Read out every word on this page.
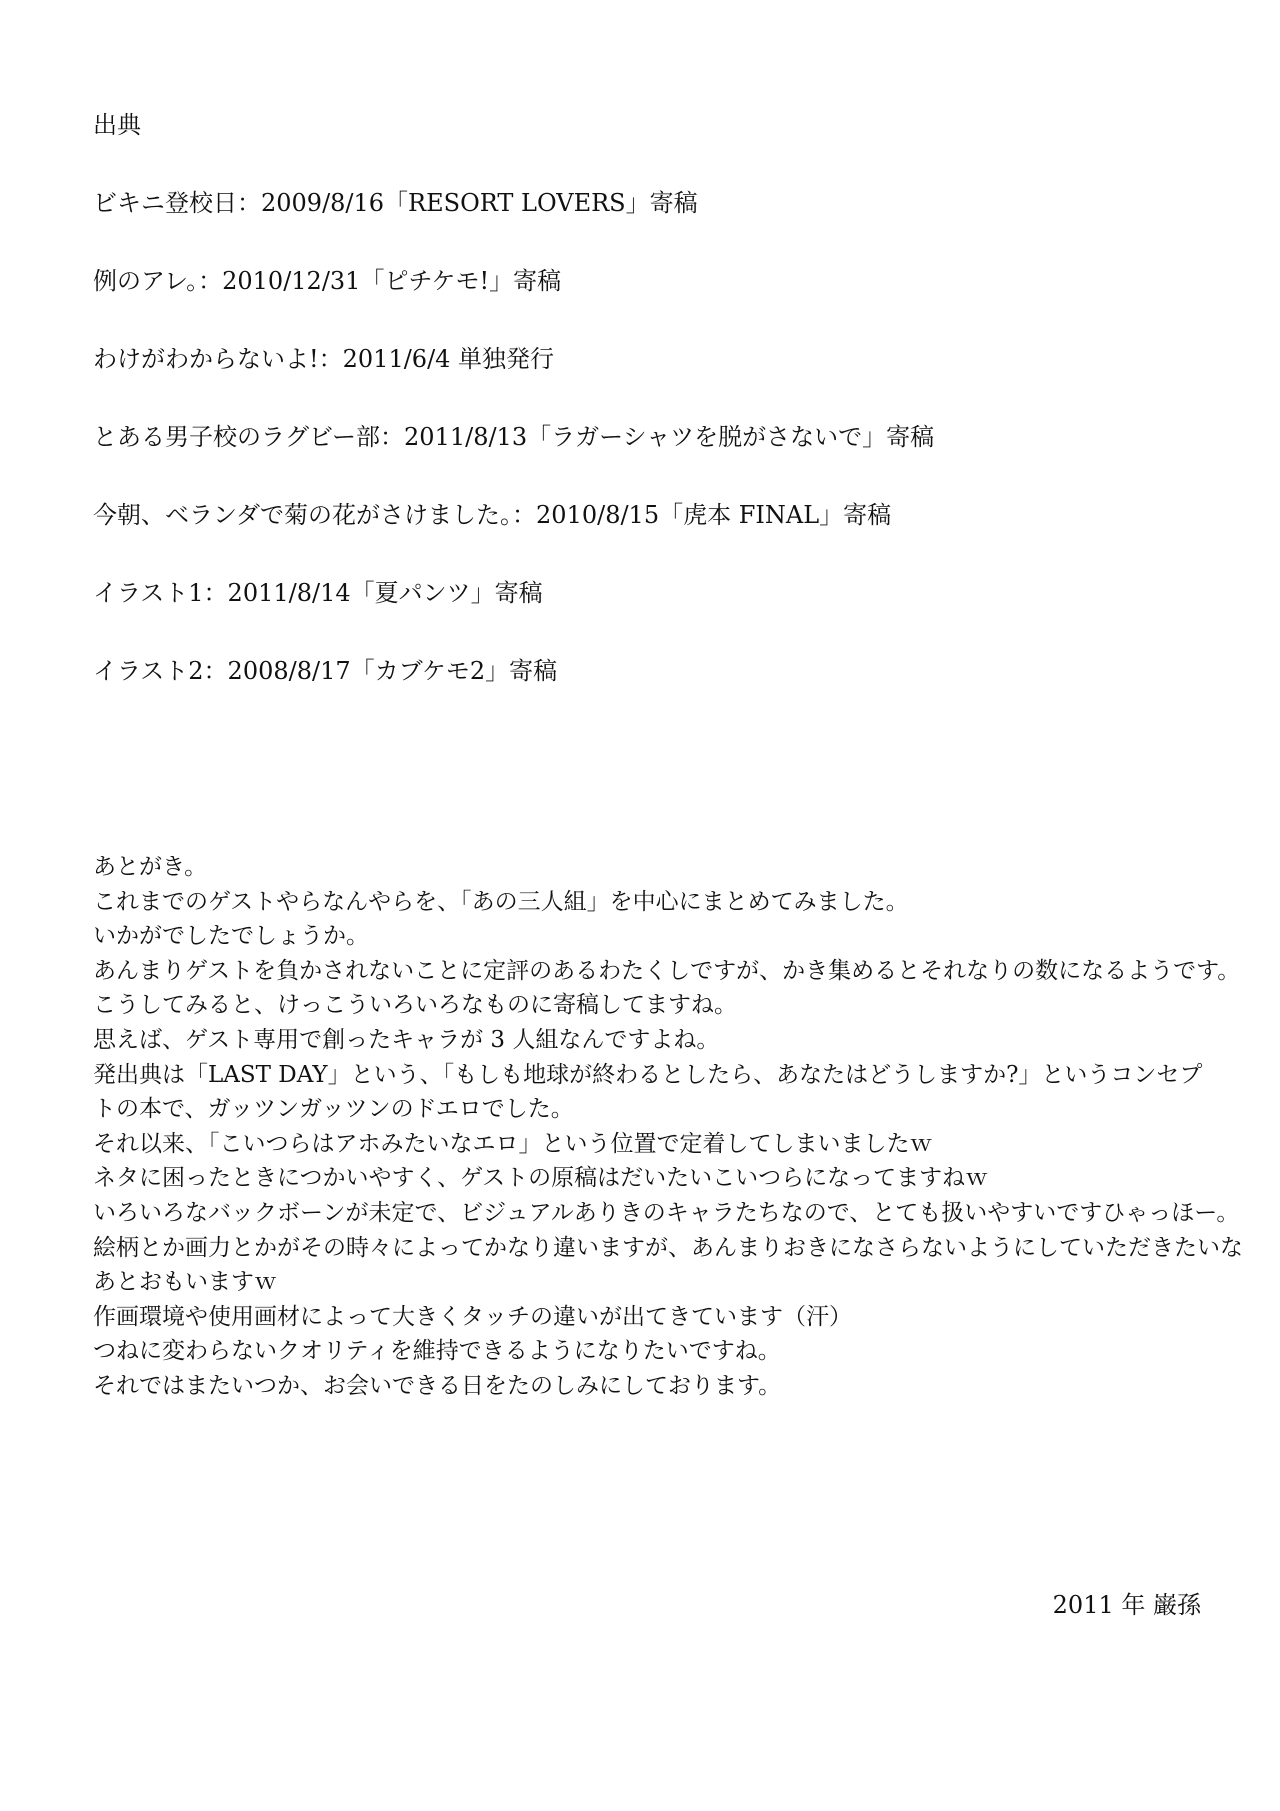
出典
ビキニ登校日：2009/8/16「RESORT LOVERS」寄稿
例のアレ。：2010/12/31「ピチケモ!」寄稿
わけがわからないよ!：2011/6/4 単独発行
とある男子校のラグビー部：2011/8/13「ラガーシャツを脱がさないで」寄稿
今朝、ベランダで菊の花がさけました。：2010/8/15「虎本 FINAL」寄稿
イラスト1：2011/8/14「夏パンツ」寄稿
イラスト2：2008/8/17「カブケモ2」寄稿

あとがき。

これまでのゲストやらなんやらを、「あの三人組」を中心にまとめてみました。

いかがでしたでしょうか。

あんまりゲストを負かされないことに定評のあるわたくしですが、かき集めるとそれなりの数になるようです。

こうしてみると、けっこういろいろなものに寄稿してますね。

思えば、ゲスト専用で創ったキャラが 3 人組なんですよね。

発出典は「LAST DAY」という、「もしも地球が終わるとしたら、あなたはどうしますか?」というコンセプ

トの本で、ガッツンガッツンのドエロでした。

それ以来、「こいつらはアホみたいなエロ」という位置で定着してしまいましたｗ

ネタに困ったときにつかいやすく、ゲストの原稿はだいたいこいつらになってますねｗ

いろいろなバックボーンが未定で、ビジュアルありきのキャラたちなので、とても扱いやすいですひゃっほー。

絵柄とか画力とかがその時々によってかなり違いますが、あんまりおきになさらないようにしていただきたいな

あとおもいますｗ

作画環境や使用画材によって大きくタッチの違いが出てきています（汗）

つねに変わらないクオリティを維持できるようになりたいですね。

それではまたいつか、お会いできる日をたのしみにしております。

2011 年 巌孫
